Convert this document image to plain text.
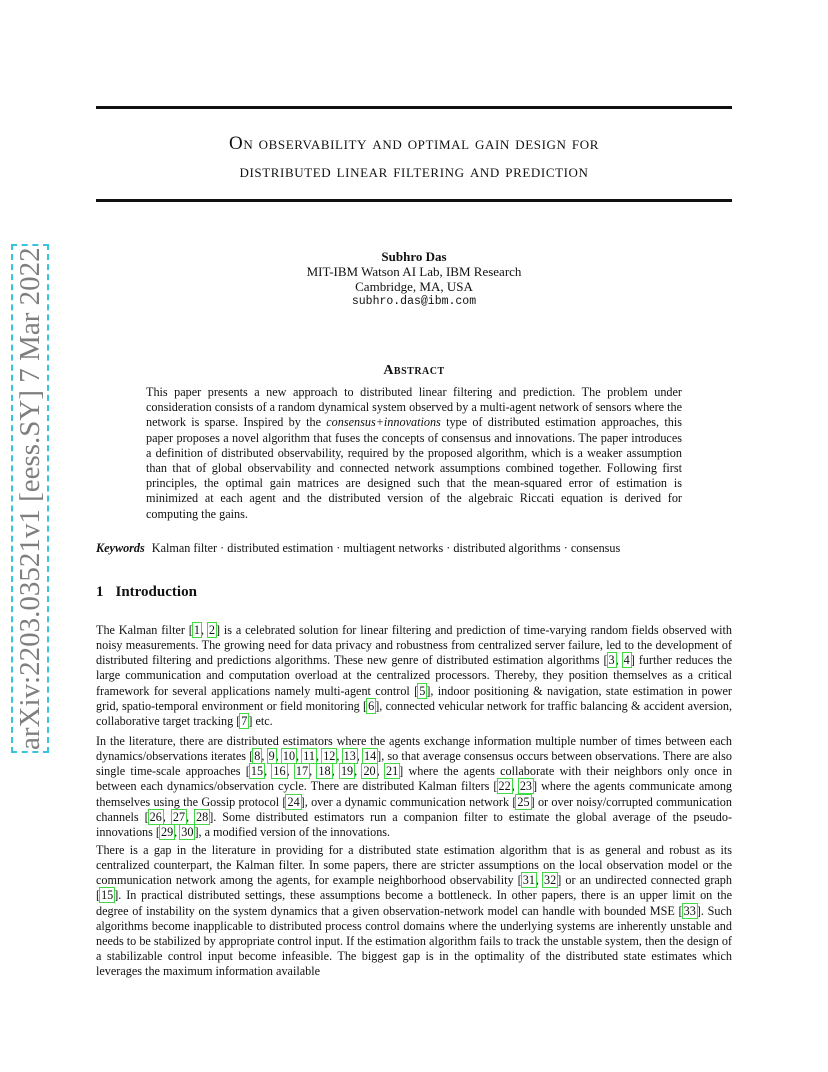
On observability and optimal gain design for
distributed linear filtering and prediction
arXiv:2203.03521v1 [eess.SY] 7 Mar 2022	Subhro Das
MIT-IBM Watson AI Lab, IBM Research
Cambridge, MA, USA
subhro.das@ibm.com
Abstract
This paper presents a new approach to distributed linear filtering and prediction. The problem under consideration consists of a random dynamical system observed by a multi-agent network of sensors where the network is sparse. Inspired by the consensus+innovations type of distributed estimation approaches, this paper proposes a novel algorithm that fuses the concepts of consensus and innovations. The paper introduces a definition of distributed observability, required by the proposed algorithm, which is a weaker assumption than that of global observability and connected network assumptions combined together. Following first principles, the optimal gain matrices are designed such that the mean-squared error of estimation is minimized at each agent and the distributed version of the algebraic Riccati equation is derived for computing the gains.
Keywords Kalman filter · distributed estimation · multiagent networks · distributed algorithms · consensus
1 Introduction
The Kalman filter [1, 2] is a celebrated solution for linear filtering and prediction of time-varying random fields observed with noisy measurements. The growing need for data privacy and robustness from centralized server failure, led to the development of distributed filtering and predictions algorithms. These new genre of distributed estimation algorithms [3, 4] further reduces the large communication and computation overload at the centralized processors. Thereby, they position themselves as a critical framework for several applications namely multi-agent control [5], indoor positioning & navigation, state estimation in power grid, spatio-temporal environment or field monitoring [6], connected vehicular network for traffic balancing & accident aversion, collaborative target tracking [7] etc.
In the literature, there are distributed estimators where the agents exchange information multiple number of times between each dynamics/observations iterates [8, 9, 10, 11, 12, 13, 14], so that average consensus occurs between observations. There are also single time-scale approaches [15, 16, 17, 18, 19, 20, 21] where the agents collaborate with their neighbors only once in between each dynamics/observation cycle. There are distributed Kalman filters [22, 23] where the agents communicate among themselves using the Gossip protocol [24], over a dynamic communication network [25] or over noisy/corrupted communication channels [26, 27, 28]. Some distributed estimators run a companion filter to estimate the global average of the pseudo-innovations [29, 30], a modified version of the innovations.
There is a gap in the literature in providing for a distributed state estimation algorithm that is as general and robust as its centralized counterpart, the Kalman filter. In some papers, there are stricter assumptions on the local observation model or the communication network among the agents, for example neighborhood observability [31, 32] or an undirected connected graph [15]. In practical distributed settings, these assumptions become a bottleneck. In other papers, there is an upper limit on the degree of instability on the system dynamics that a given observation-network model can handle with bounded MSE [33]. Such algorithms become inapplicable to distributed process control domains where the underlying systems are inherently unstable and needs to be stabilized by appropriate control input. If the estimation algorithm fails to track the unstable system, then the design of a stabilizable control input become infeasible. The biggest gap is in the optimality of the distributed state estimates which leverages the maximum information available
